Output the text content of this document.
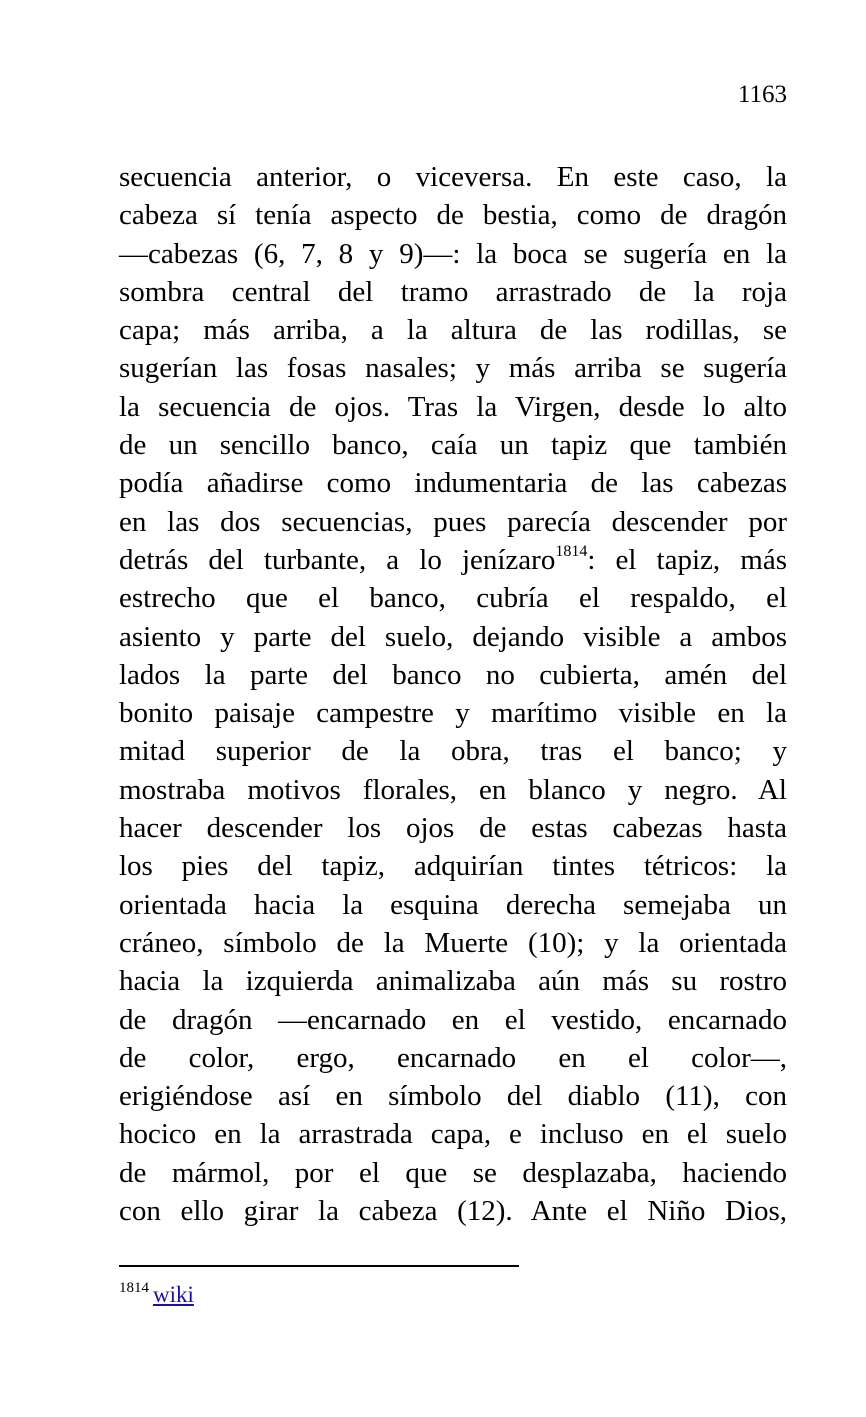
1163
secuencia anterior, o viceversa. En este caso, la
cabeza sí tenía aspecto de bestia, como de dragón
—cabezas (6, 7, 8 y 9)—: la boca se sugería en la
sombra central del tramo arrastrado de la roja
capa; más arriba, a la altura de las rodillas, se
sugerían las fosas nasales; y más arriba se sugería
la secuencia de ojos. Tras la Virgen, desde lo alto
de un sencillo banco, caía un tapiz que también
podía añadirse como indumentaria de las cabezas
en las dos secuencias, pues parecía descender por
detrás del turbante, a lo jenízaro$^{1814}$: el tapiz, más
estrecho que el banco, cubría el respaldo, el
asiento y parte del suelo, dejando visible a ambos
lados la parte del banco no cubierta, amén del
bonito paisaje campestre y marítimo visible en la
mitad superior de la obra, tras el banco; y
mostraba motivos florales, en blanco y negro. Al
hacer descender los ojos de estas cabezas hasta
los pies del tapiz, adquirían tintes tétricos: la
orientada hacia la esquina derecha semejaba un
cráneo, símbolo de la Muerte (10); y la orientada
hacia la izquierda animalizaba aún más su rostro
de dragón —encarnado en el vestido, encarnado
de color, ergo, encarnado en el color—,
erigiéndose así en símbolo del diablo (11), con
hocico en la arrastrada capa, e incluso en el suelo
de mármol, por el que se desplazaba, haciendo
con ello girar la cabeza (12). Ante el Niño Dios,
$^{1814}$ wiki
